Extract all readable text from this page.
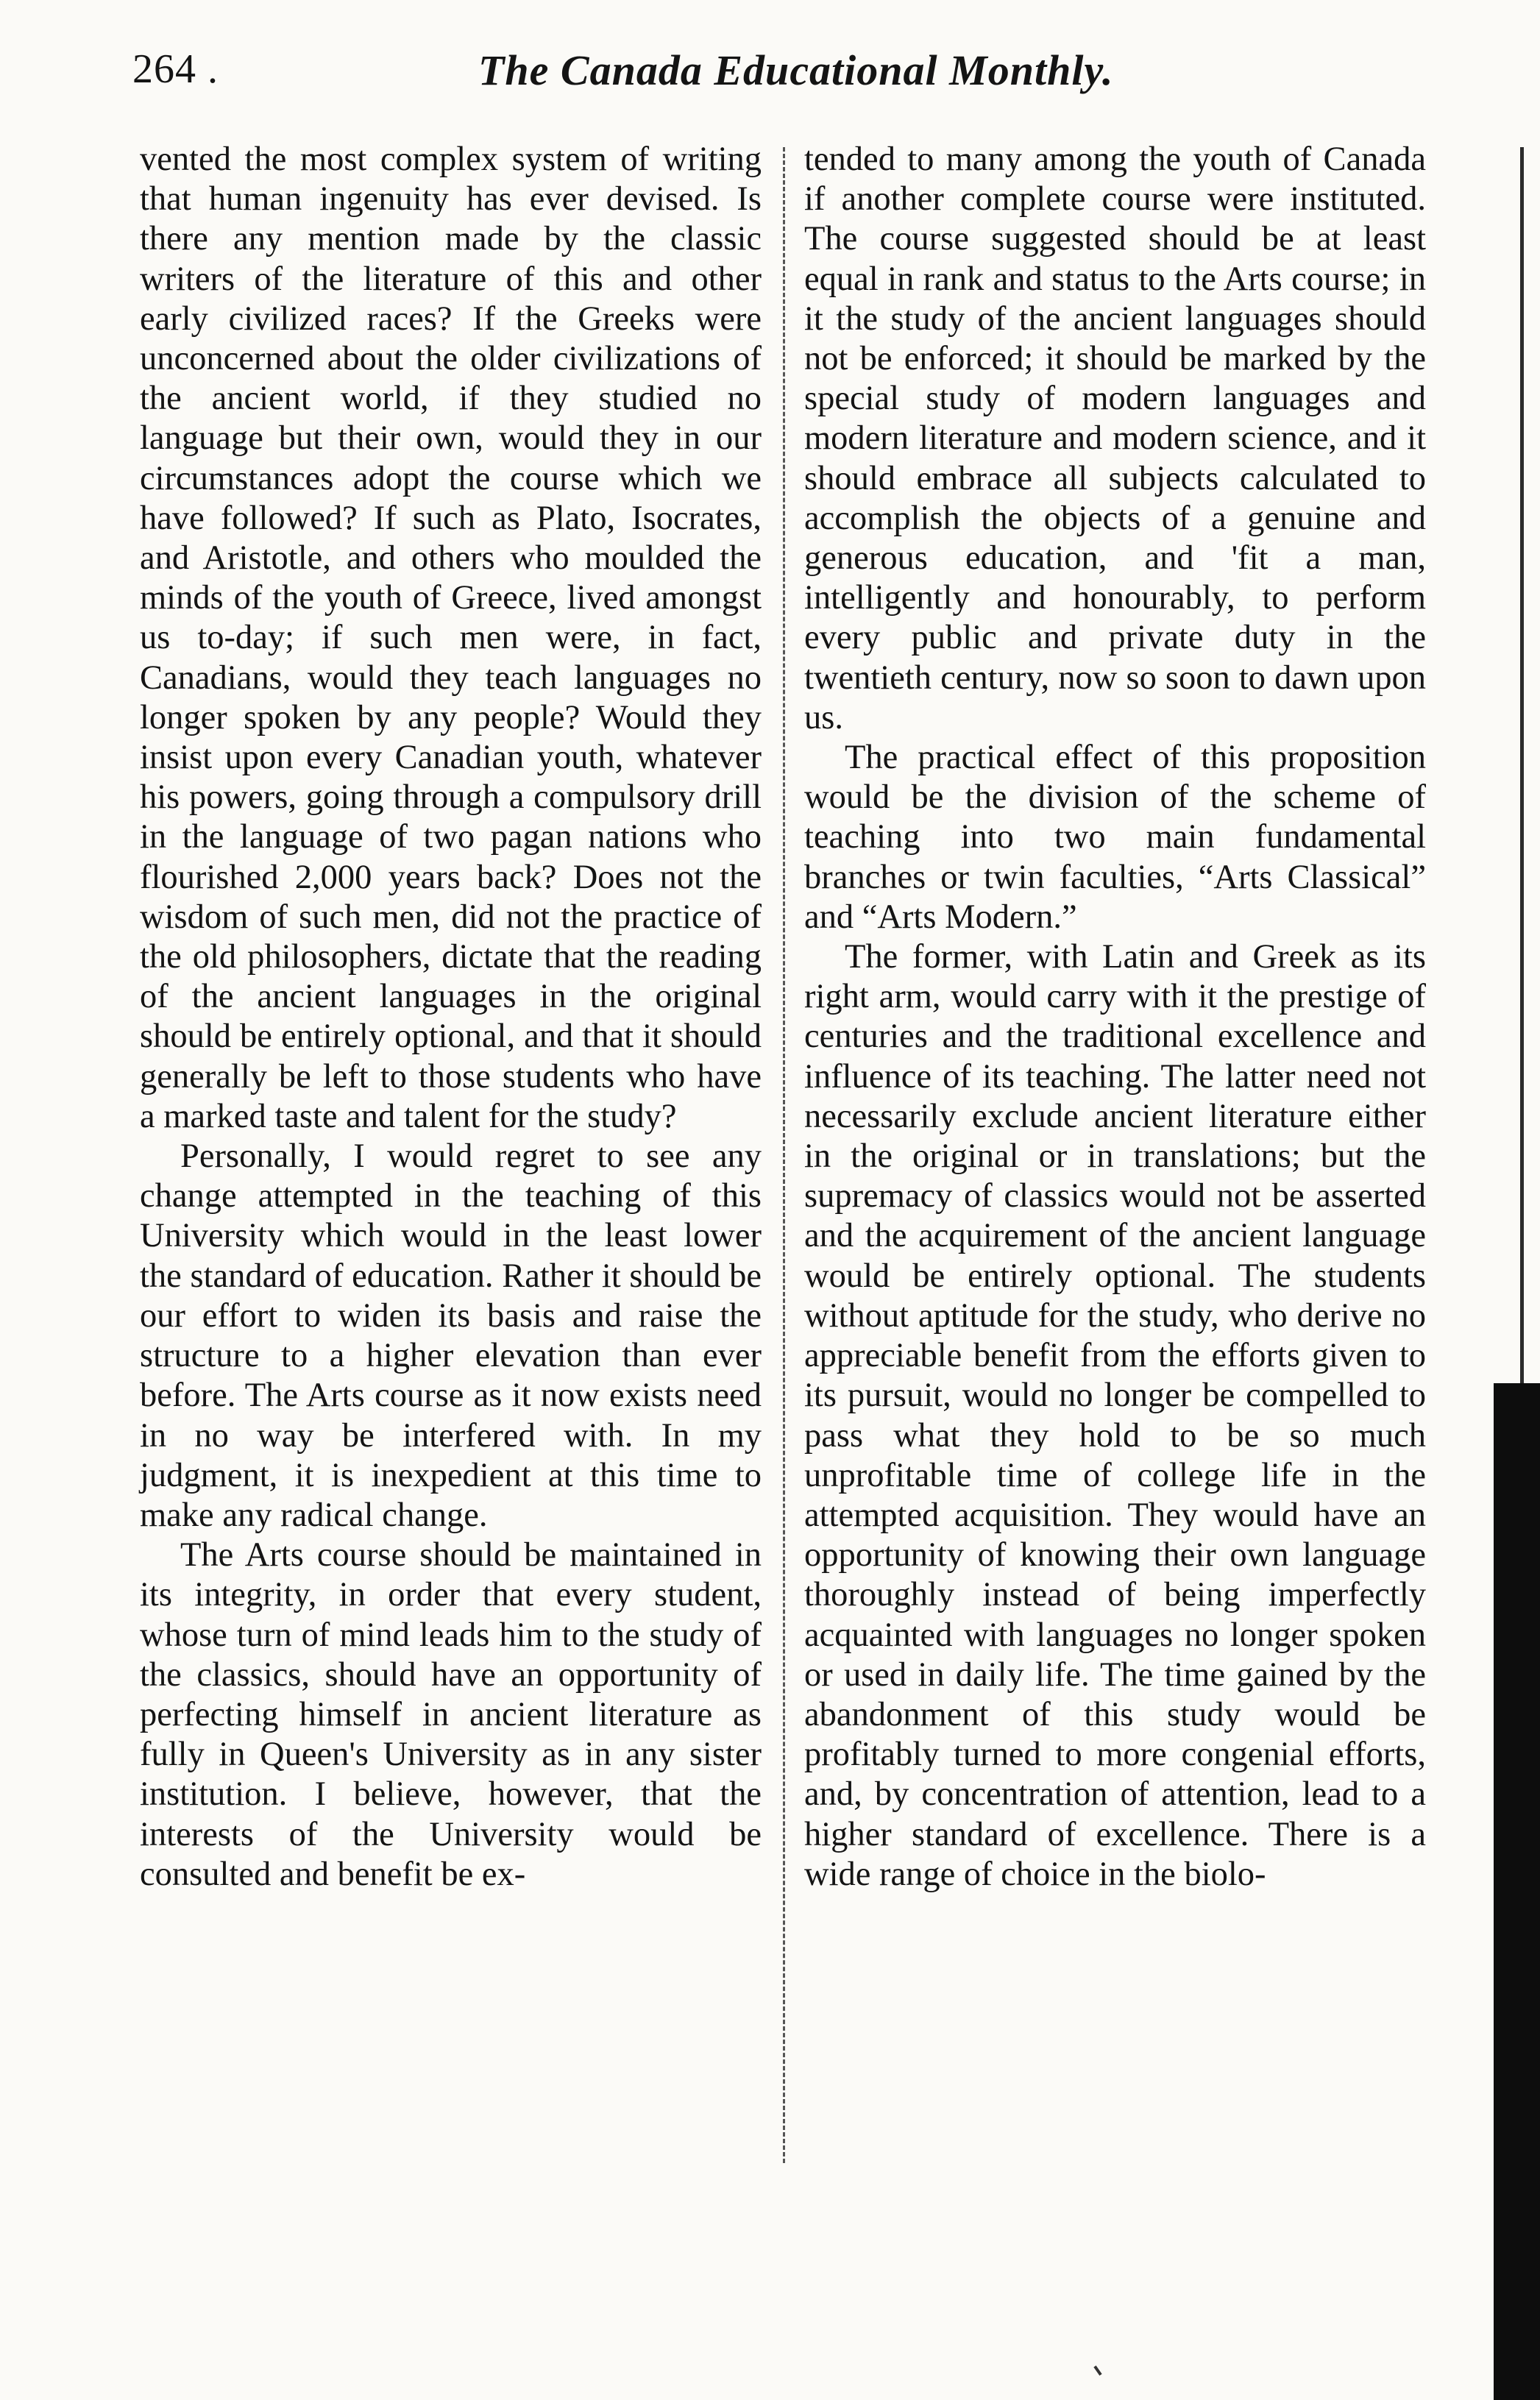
264 .	The Canada Educational Monthly.

vented the most complex system of writing that human ingenuity has ever devised. Is there any mention made by the classic writers of the literature of this and other early civilized races? If the Greeks were unconcerned about the older civilizations of the ancient world, if they studied no language but their own, would they in our circumstances adopt the course which we have followed? If such as Plato, Isocrates, and Aristotle, and others who moulded the minds of the youth of Greece, lived amongst us to-day; if such men were, in fact, Canadians, would they teach languages no longer spoken by any people? Would they insist upon every Canadian youth, whatever his powers, going through a compulsory drill in the language of two pagan nations who flourished 2,000 years back? Does not the wisdom of such men, did not the practice of the old philosophers, dictate that the reading of the ancient languages in the original should be entirely optional, and that it should generally be left to those students who have a marked taste and talent for the study?

Personally, I would regret to see any change attempted in the teaching of this University which would in the least lower the standard of education. Rather it should be our effort to widen its basis and raise the structure to a higher elevation than ever before. The Arts course as it now exists need in no way be interfered with. In my judgment, it is inexpedient at this time to make any radical change.

The Arts course should be maintained in its integrity, in order that every student, whose turn of mind leads him to the study of the classics, should have an opportunity of perfecting himself in ancient literature as fully in Queen's University as in any sister institution. I believe, however, that the interests of the University would be consulted and benefit be ex-

tended to many among the youth of Canada if another complete course were instituted. The course suggested should be at least equal in rank and status to the Arts course; in it the study of the ancient languages should not be enforced; it should be marked by the special study of modern languages and modern literature and modern science, and it should embrace all subjects calculated to accomplish the objects of a genuine and generous education, and 'fit a man, intelligently and honourably, to perform every public and private duty in the twentieth century, now so soon to dawn upon us.

The practical effect of this proposition would be the division of the scheme of teaching into two main fundamental branches or twin faculties, “Arts Classical” and “Arts Modern.”

The former, with Latin and Greek as its right arm, would carry with it the prestige of centuries and the traditional excellence and influence of its teaching. The latter need not necessarily exclude ancient literature either in the original or in translations; but the supremacy of classics would not be asserted and the acquirement of the ancient language would be entirely optional. The students without aptitude for the study, who derive no appreciable benefit from the efforts given to its pursuit, would no longer be compelled to pass what they hold to be so much unprofitable time of college life in the attempted acquisition. They would have an opportunity of knowing their own language thoroughly instead of being imperfectly acquainted with languages no longer spoken or used in daily life. The time gained by the abandonment of this study would be profitably turned to more congenial efforts, and, by concentration of attention, lead to a higher standard of excellence. There is a wide range of choice in the biolo-
